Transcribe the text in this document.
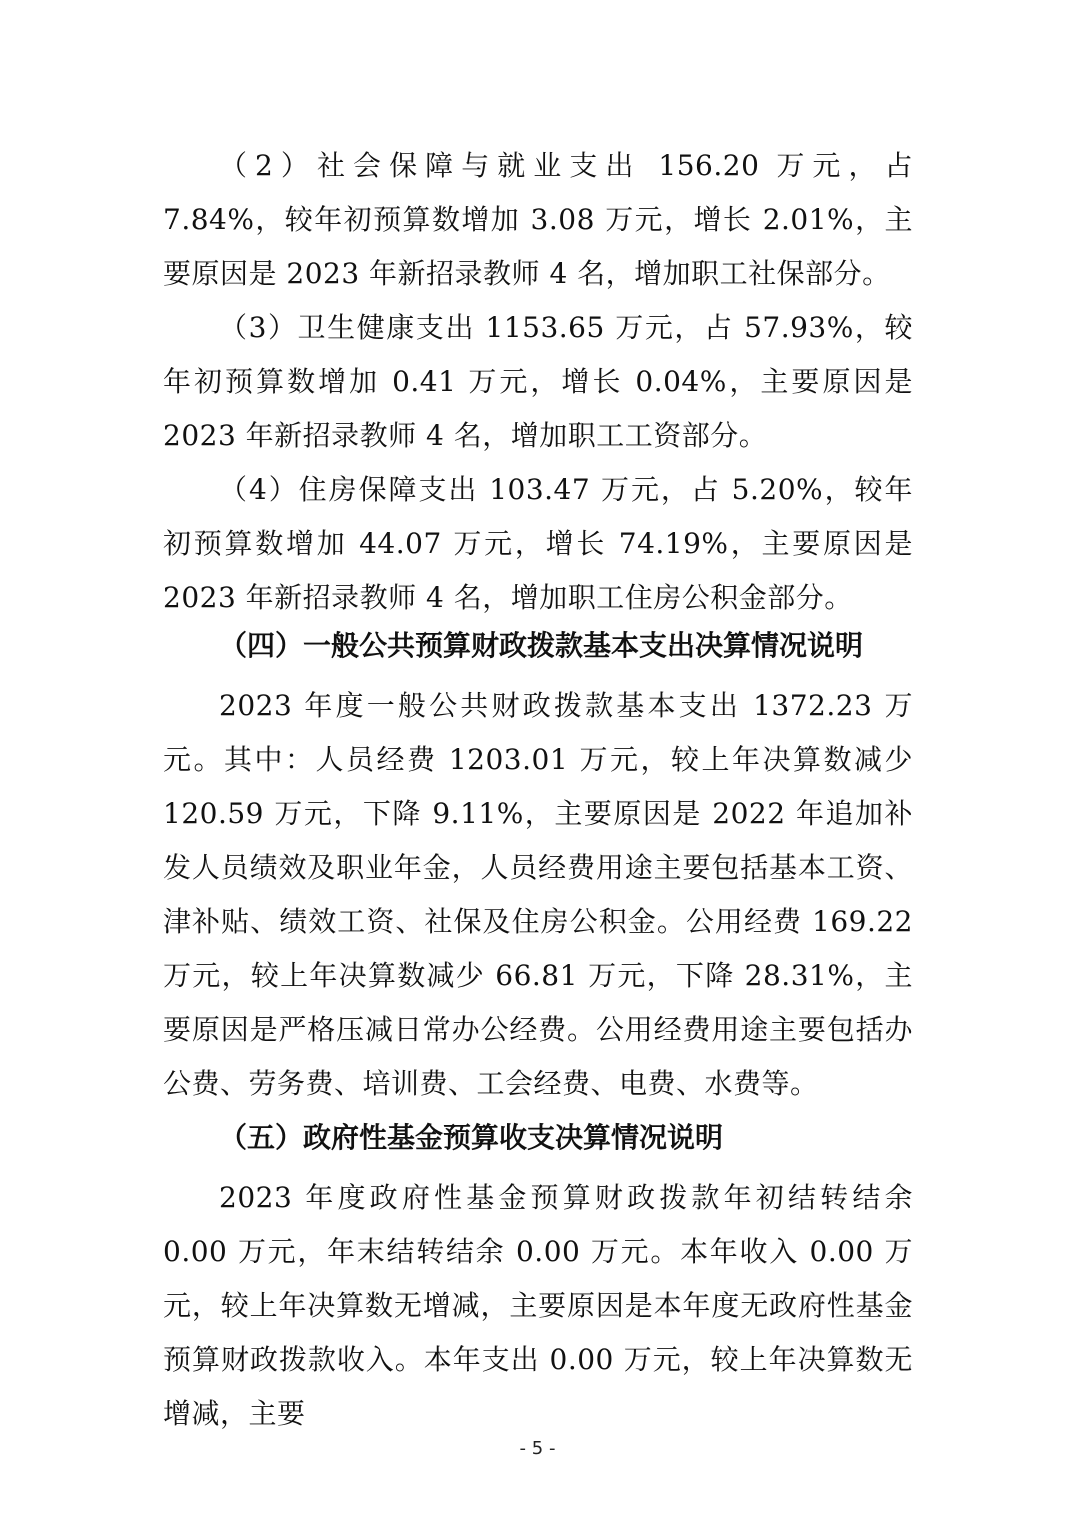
（2）社会保障与就业支出 156.20 万元，占 7.84%，较年初预算数增加 3.08 万元，增长 2.01%，主要原因是 2023 年新招录教师 4 名，增加职工社保部分。

（3）卫生健康支出 1153.65 万元，占 57.93%，较年初预算数增加 0.41 万元，增长 0.04%，主要原因是 2023 年新招录教师 4 名，增加职工工资部分。

（4）住房保障支出 103.47 万元，占 5.20%，较年初预算数增加 44.07 万元，增长 74.19%，主要原因是 2023 年新招录教师 4 名，增加职工住房公积金部分。

（四）一般公共预算财政拨款基本支出决算情况说明

2023 年度一般公共财政拨款基本支出 1372.23 万元。其中：人员经费 1203.01 万元，较上年决算数减少 120.59 万元，下降 9.11%，主要原因是 2022 年追加补发人员绩效及职业年金，人员经费用途主要包括基本工资、津补贴、绩效工资、社保及住房公积金。公用经费 169.22 万元，较上年决算数减少 66.81 万元，下降 28.31%，主要原因是严格压减日常办公经费。公用经费用途主要包括办公费、劳务费、培训费、工会经费、电费、水费等。

（五）政府性基金预算收支决算情况说明

2023 年度政府性基金预算财政拨款年初结转结余 0.00 万元，年末结转结余 0.00 万元。本年收入 0.00 万元，较上年决算数无增减，主要原因是本年度无政府性基金预算财政拨款收入。本年支出 0.00 万元，较上年决算数无增减，主要

- 5 -
